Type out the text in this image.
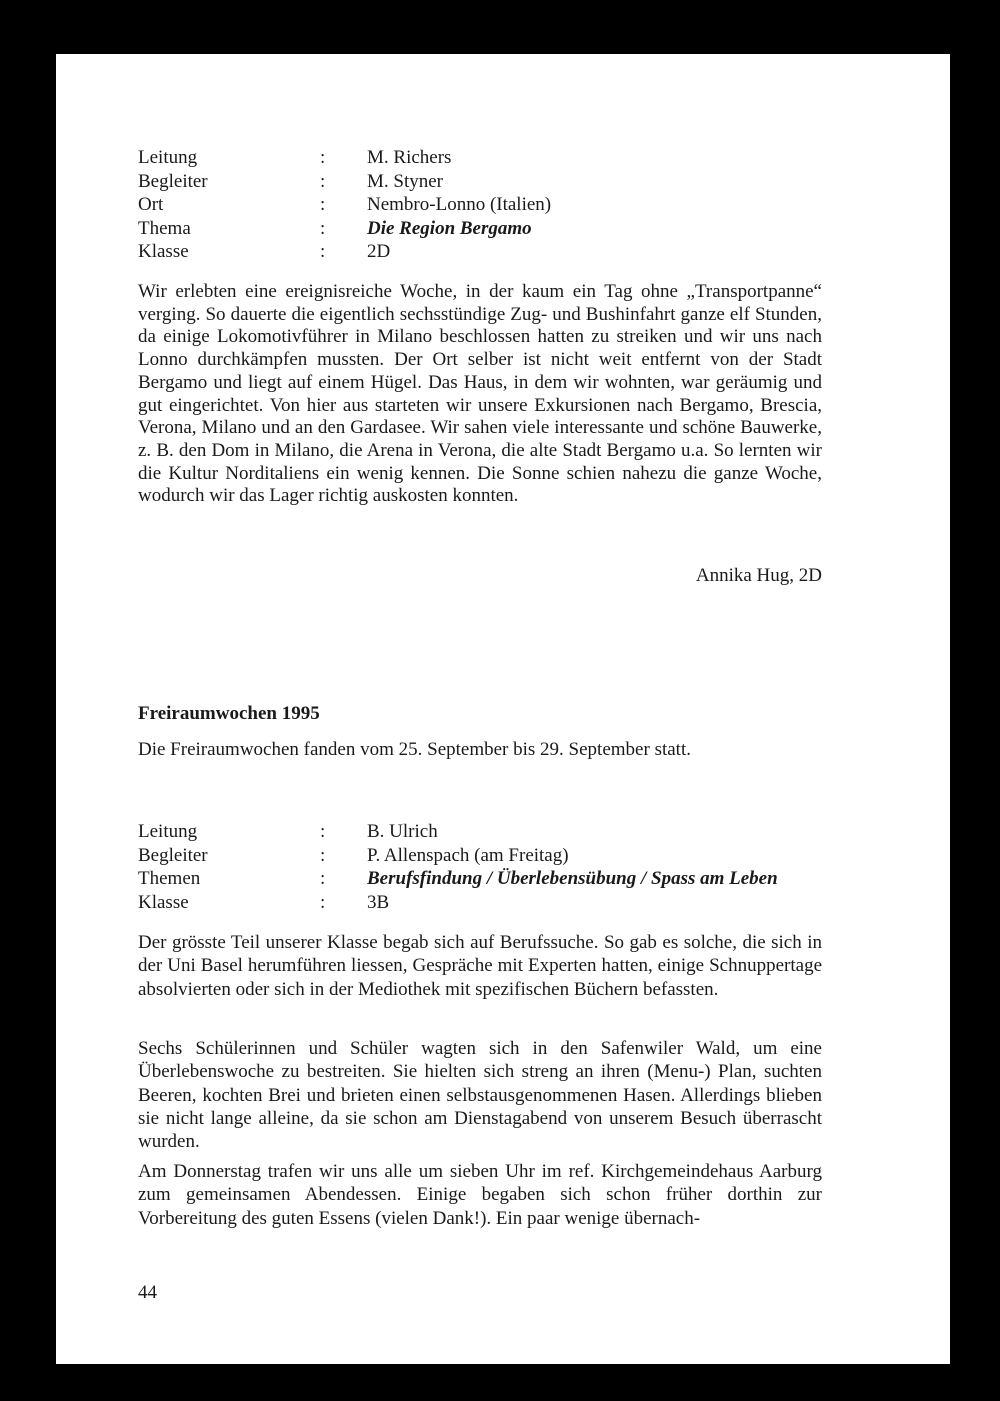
Leitung	: M. Richers
Begleiter	: M. Styner
Ort	: Nembro-Lonno (Italien)
Thema	: Die Region Bergamo
Klasse	: 2D

Wir erlebten eine ereignisreiche Woche, in der kaum ein Tag ohne „Transportpanne“ verging. So dauerte die eigentlich sechsstündige Zug- und Bushinfahrt ganze elf Stunden, da einige Lokomotivführer in Milano beschlossen hatten zu streiken und wir uns nach Lonno durchkämpfen mussten. Der Ort selber ist nicht weit entfernt von der Stadt Bergamo und liegt auf einem Hügel. Das Haus, in dem wir wohnten, war geräumig und gut eingerichtet. Von hier aus starteten wir unsere Exkursionen nach Bergamo, Brescia, Verona, Milano und an den Gardasee. Wir sahen viele interessante und schöne Bauwerke, z. B. den Dom in Milano, die Arena in Verona, die alte Stadt Bergamo u.a. So lernten wir die Kultur Norditaliens ein wenig kennen. Die Sonne schien nahezu die ganze Woche, wodurch wir das Lager richtig auskosten konnten.

Annika Hug, 2D
Freiraumwochen 1995
Die Freiraumwochen fanden vom 25. September bis 29. September statt.
Leitung	: B. Ulrich
Begleiter	: P. Allenspach (am Freitag)
Themen	: Berufsfindung / Überlebensübung / Spass am Leben
Klasse	: 3B

Der grösste Teil unserer Klasse begab sich auf Berufssuche. So gab es solche, die sich in der Uni Basel herumführen liessen, Gespräche mit Experten hatten, einige Schnuppertage absolvierten oder sich in der Mediothek mit spezifischen Büchern befassten.

Sechs Schülerinnen und Schüler wagten sich in den Safenwiler Wald, um eine Überlebenswoche zu bestreiten. Sie hielten sich streng an ihren (Menu-) Plan, suchten Beeren, kochten Brei und brieten einen selbstausgenommenen Hasen. Allerdings blieben sie nicht lange alleine, da sie schon am Dienstagabend von unserem Besuch überrascht wurden.

Am Donnerstag trafen wir uns alle um sieben Uhr im ref. Kirchgemeindehaus Aarburg zum gemeinsamen Abendessen. Einige begaben sich schon früher dorthin zur Vorbereitung des guten Essens (vielen Dank!). Ein paar wenige übernach-

44
